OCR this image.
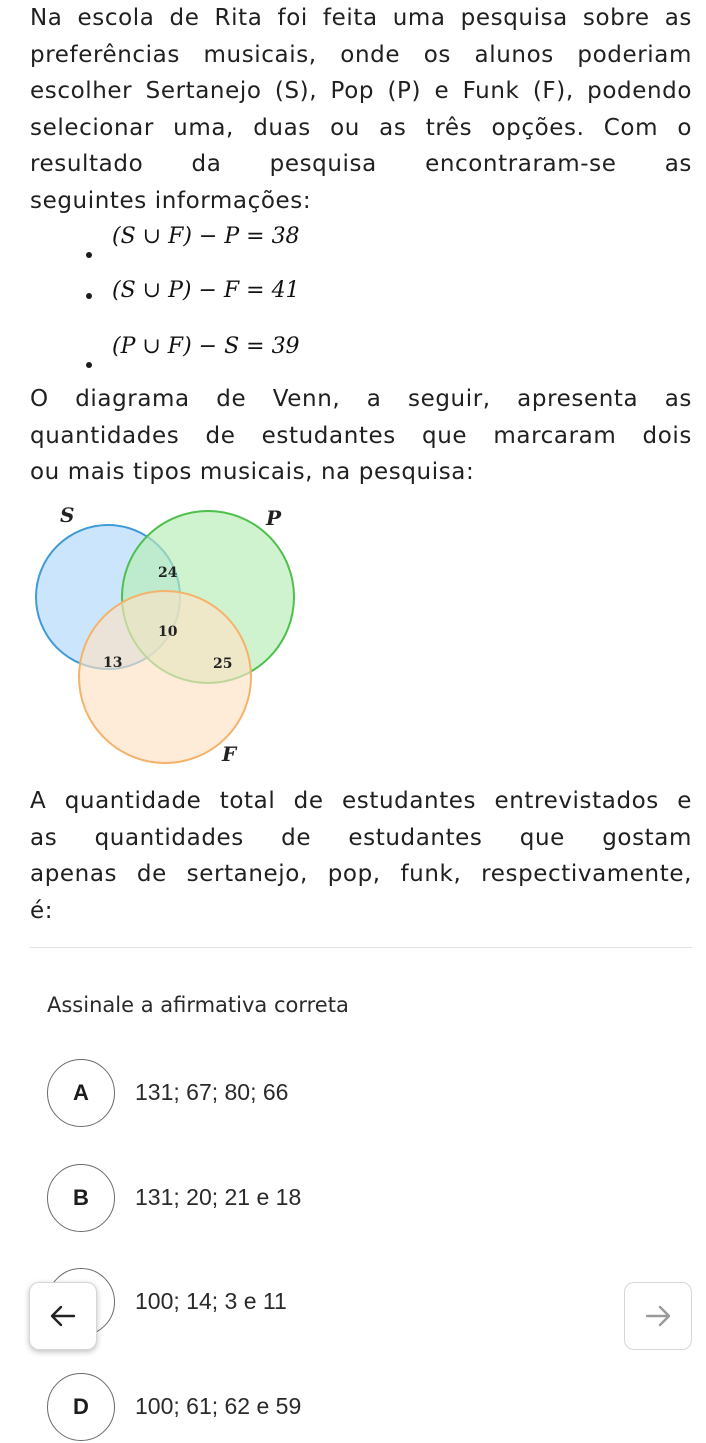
Na escola de Rita foi feita uma pesquisa sobre as
preferências musicais, onde os alunos poderiam
escolher Sertanejo (S), Pop (P) e Funk (F), podendo
selecionar uma, duas ou as três opções. Com o
resultado da pesquisa encontraram-se as
seguintes informações:
(S ∪ F) − P = 38
(S ∪ P) − F = 41
(P ∪ F) − S = 39
O diagrama de Venn, a seguir, apresenta as
quantidades de estudantes que marcaram dois
ou mais tipos musicais, na pesquisa:
S	P
F
24
10
13	25
A quantidade total de estudantes entrevistados e
as quantidades de estudantes que gostam
apenas de sertanejo, pop, funk, respectivamente,
é:
Assinale a afirmativa correta
A	131; 67; 80; 66
B	131; 20; 21 e 18
100; 14; 3 e 11
D	100; 61; 62 e 59
